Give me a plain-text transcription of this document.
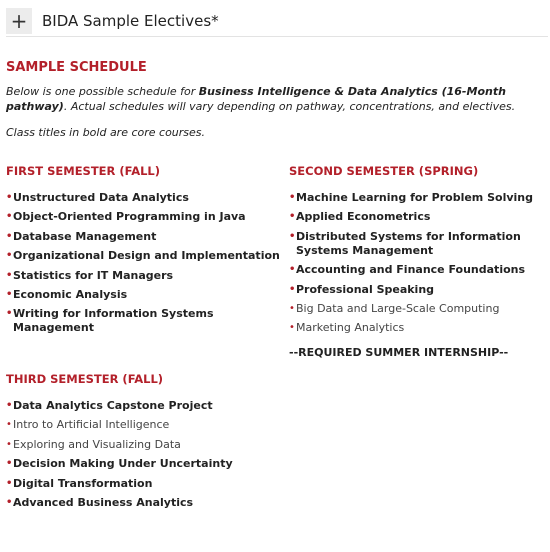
+ BIDA Sample Electives*
SAMPLE SCHEDULE

Below is one possible schedule for Business Intelligence & Data Analytics (16-Month pathway). Actual schedules will vary depending on pathway, concentrations, and electives.

Class titles in bold are core courses.

FIRST SEMESTER (FALL)
• Unstructured Data Analytics
• Object-Oriented Programming in Java
• Database Management
• Organizational Design and Implementation
• Statistics for IT Managers
• Economic Analysis
• Writing for Information Systems Management
SECOND SEMESTER (SPRING)
• Machine Learning for Problem Solving
• Applied Econometrics
• Distributed Systems for Information Systems Management
• Accounting and Finance Foundations
• Professional Speaking
• Big Data and Large-Scale Computing
• Marketing Analytics
--REQUIRED SUMMER INTERNSHIP--
THIRD SEMESTER (FALL)
• Data Analytics Capstone Project
• Intro to Artificial Intelligence
• Exploring and Visualizing Data
• Decision Making Under Uncertainty
• Digital Transformation
• Advanced Business Analytics
